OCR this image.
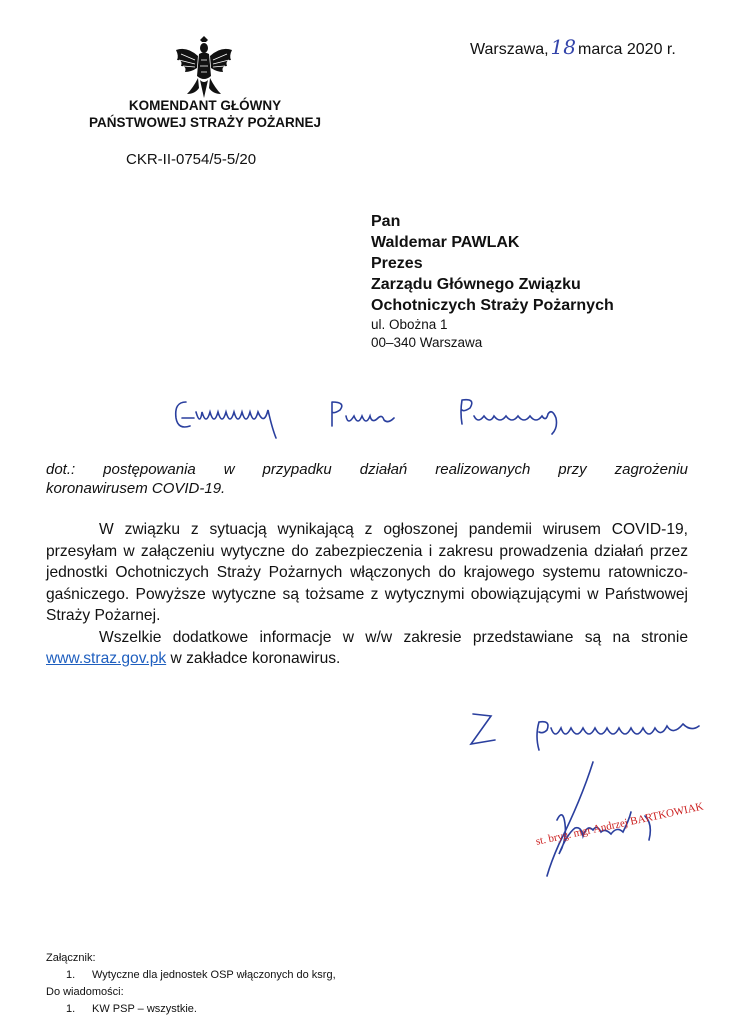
KOMENDANT GŁÓWNY
PAŃSTWOWEJ STRAŻY POŻARNEJ
CKR-II-0754/5-5/20
Warszawa, 18 marca 2020 r.
Pan
Waldemar PAWLAK
Prezes
Zarządu Głównego Związku
Ochotniczych Straży Pożarnych
ul. Obożna 1
00–340 Warszawa
dot.: postępowania w przypadku działań realizowanych przy zagrożeniu
koronawirusem COVID-19.

W związku z sytuacją wynikającą z ogłoszonej pandemii wirusem COVID-19, przesyłam w załączeniu wytyczne do zabezpieczenia i zakresu prowadzenia działań przez jednostki Ochotniczych Straży Pożarnych włączonych do krajowego systemu ratowniczo-gaśniczego. Powyższe wytyczne są tożsame z wytycznymi obowiązującymi w Państwowej Straży Pożarnej.

Wszelkie dodatkowe informacje w w/w zakresie przedstawiane są na stronie www.straz.gov.pk w zakładce koronawirus.

st. bryg. mgr Andrzej BARTKOWIAK
Załącznik:
1. Wytyczne dla jednostek OSP włączonych do ksrg,
Do wiadomości:
1. KW PSP – wszystkie.
